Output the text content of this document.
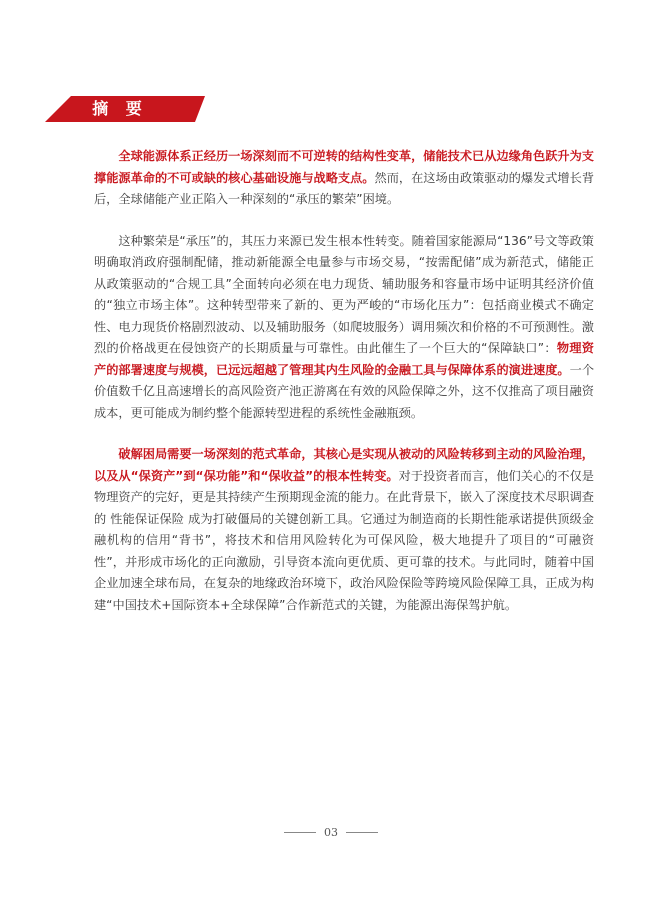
摘 要

全球能源体系正经历一场深刻而不可逆转的结构性变革，储能技术已从边缘角色跃升为支撑能源革命的不可或缺的核心基础设施与战略支点。然而，在这场由政策驱动的爆发式增长背后，全球储能产业正陷入一种深刻的“承压的繁荣”困境。

这种繁荣是“承压”的，其压力来源已发生根本性转变。随着国家能源局“136”号文等政策明确取消政府强制配储，推动新能源全电量参与市场交易，“按需配储”成为新范式，储能正从政策驱动的“合规工具”全面转向必须在电力现货、辅助服务和容量市场中证明其经济价值的“独立市场主体”。这种转型带来了新的、更为严峻的“市场化压力”：包括商业模式不确定性、电力现货价格剧烈波动、以及辅助服务（如爬坡服务）调用频次和价格的不可预测性。激烈的价格战更在侵蚀资产的长期质量与可靠性。由此催生了一个巨大的“保障缺口”：物理资产的部署速度与规模，已远远超越了管理其内生风险的金融工具与保障体系的演进速度。一个价值数千亿且高速增长的高风险资产池正游离在有效的风险保障之外，这不仅推高了项目融资成本，更可能成为制约整个能源转型进程的系统性金融瓶颈。

破解困局需要一场深刻的范式革命，其核心是实现从被动的风险转移到主动的风险治理，以及从“保资产”到“保功能”和“保收益”的根本性转变。对于投资者而言，他们关心的不仅是物理资产的完好，更是其持续产生预期现金流的能力。在此背景下，嵌入了深度技术尽职调查的 性能保证保险 成为打破僵局的关键创新工具。它通过为制造商的长期性能承诺提供顶级金融机构的信用“背书”，将技术和信用风险转化为可保风险，极大地提升了项目的“可融资性”，并形成市场化的正向激励，引导资本流向更优质、更可靠的技术。与此同时，随着中国企业加速全球布局，在复杂的地缘政治环境下，政治风险保险等跨境风险保障工具，正成为构建“中国技术+国际资本+全球保障”合作新范式的关键，为能源出海保驾护航。

03
